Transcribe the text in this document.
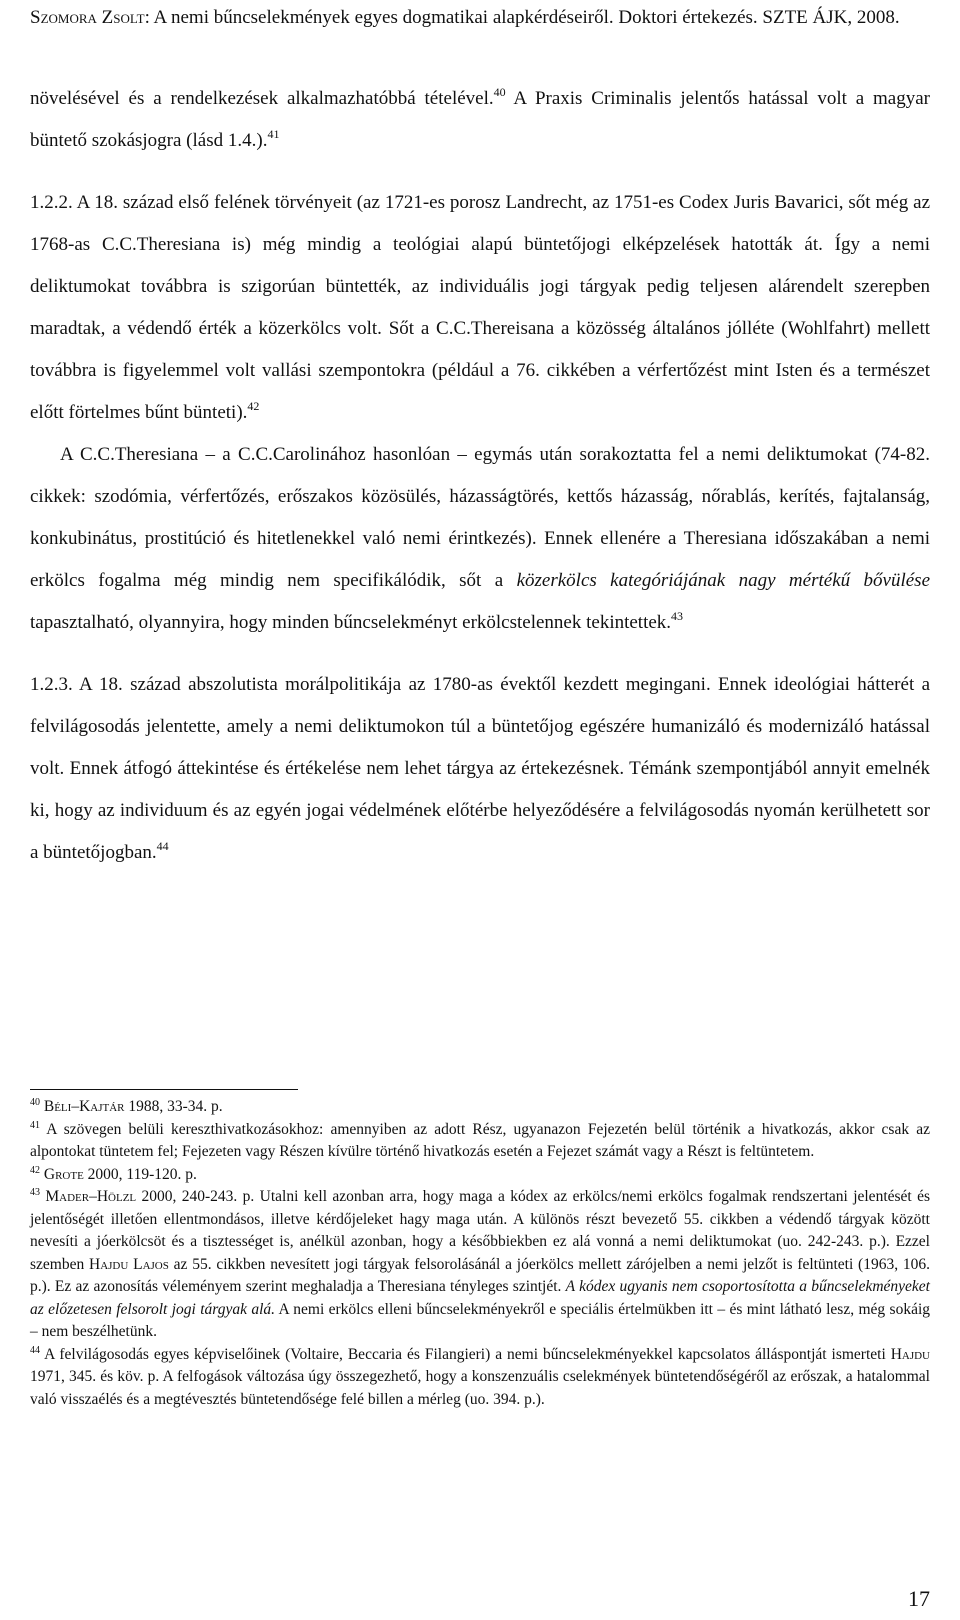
Szomora Zsolt: A nemi bűncselekmények egyes dogmatikai alapkérdéseiről. Doktori értekezés. SZTE ÁJK, 2008.

növelésével és a rendelkezések alkalmazhatóbbá tételével.$^{40}$ A Praxis Criminalis jelentős hatással volt a magyar büntető szokásjogra (lásd 1.4.).$^{41}$

1.2.2. A 18. század első felének törvényeit (az 1721-es porosz Landrecht, az 1751-es Codex Juris Bavarici, sőt még az 1768-as C.C.Theresiana is) még mindig a teológiai alapú büntetőjogi elképzelések hatották át. Így a nemi deliktumokat továbbra is szigorúan büntették, az individuális jogi tárgyak pedig teljesen alárendelt szerepben maradtak, a védendő érték a közerkölcs volt. Sőt a C.C.Thereisana a közösség általános jólléte (Wohlfahrt) mellett továbbra is figyelemmel volt vallási szempontokra (például a 76. cikkében a vérfertőzést mint Isten és a természet előtt förtelmes bűnt bünteti).$^{42}$

A C.C.Theresiana – a C.C.Carolinához hasonlóan – egymás után sorakoztatta fel a nemi deliktumokat (74-82. cikkek: szodómia, vérfertőzés, erőszakos közösülés, házasságtörés, kettős házasság, nőrablás, kerítés, fajtalanság, konkubinátus, prostitúció és hitetlenekkel való nemi érintkezés). Ennek ellenére a Theresiana időszakában a nemi erkölcs fogalma még mindig nem specifikálódik, sőt a közerkölcs kategóriájának nagy mértékű bővülése tapasztalható, olyannyira, hogy minden bűncselekményt erkölcstelennek tekintettek.$^{43}$

1.2.3. A 18. század abszolutista morálpolitikája az 1780-as évektől kezdett megingani. Ennek ideológiai hátterét a felvilágosodás jelentette, amely a nemi deliktumokon túl a büntetőjog egészére humanizáló és modernizáló hatással volt. Ennek átfogó áttekintése és értékelése nem lehet tárgya az értekezésnek. Témánk szempontjából annyit emelnék ki, hogy az individuum és az egyén jogai védelmének előtérbe helyeződésére a felvilágosodás nyomán kerülhetett sor a büntetőjogban.$^{44}$

$^{40}$ Béli–Kajtár 1988, 33-34. p.

$^{41}$ A szövegen belüli kereszthivatkozásokhoz: amennyiben az adott Rész, ugyanazon Fejezetén belül történik a hivatkozás, akkor csak az alpontokat tüntetem fel; Fejezeten vagy Részen kívülre történő hivatkozás esetén a Fejezet számát vagy a Részt is feltüntetem.

$^{42}$ Grote 2000, 119-120. p.

$^{43}$ Mader–Hölzl 2000, 240-243. p. Utalni kell azonban arra, hogy maga a kódex az erkölcs/nemi erkölcs fogalmak rendszertani jelentését és jelentőségét illetően ellentmondásos, illetve kérdőjeleket hagy maga után. A különös részt bevezető 55. cikkben a védendő tárgyak között nevesíti a jóerkölcsöt és a tisztességet is, anélkül azonban, hogy a későbbiekben ez alá vonná a nemi deliktumokat (uo. 242-243. p.). Ezzel szemben Hajdu Lajos az 55. cikkben nevesített jogi tárgyak felsorolásánál a jóerkölcs mellett zárójelben a nemi jelzőt is feltünteti (1963, 106. p.). Ez az azonosítás véleményem szerint meghaladja a Theresiana tényleges szintjét. A kódex ugyanis nem csoportosította a bűncselekményeket az előzetesen felsorolt jogi tárgyak alá. A nemi erkölcs elleni bűncselekményekről e speciális értelmükben itt – és mint látható lesz, még sokáig – nem beszélhetünk.

$^{44}$ A felvilágosodás egyes képviselőinek (Voltaire, Beccaria és Filangieri) a nemi bűncselekményekkel kapcsolatos álláspontját ismerteti Hajdu 1971, 345. és köv. p. A felfogások változása úgy összegezhető, hogy a konszenzuális cselekmények büntetendőségéről az erőszak, a hatalommal való visszaélés és a megtévesztés büntetendősége felé billen a mérleg (uo. 394. p.).

17
